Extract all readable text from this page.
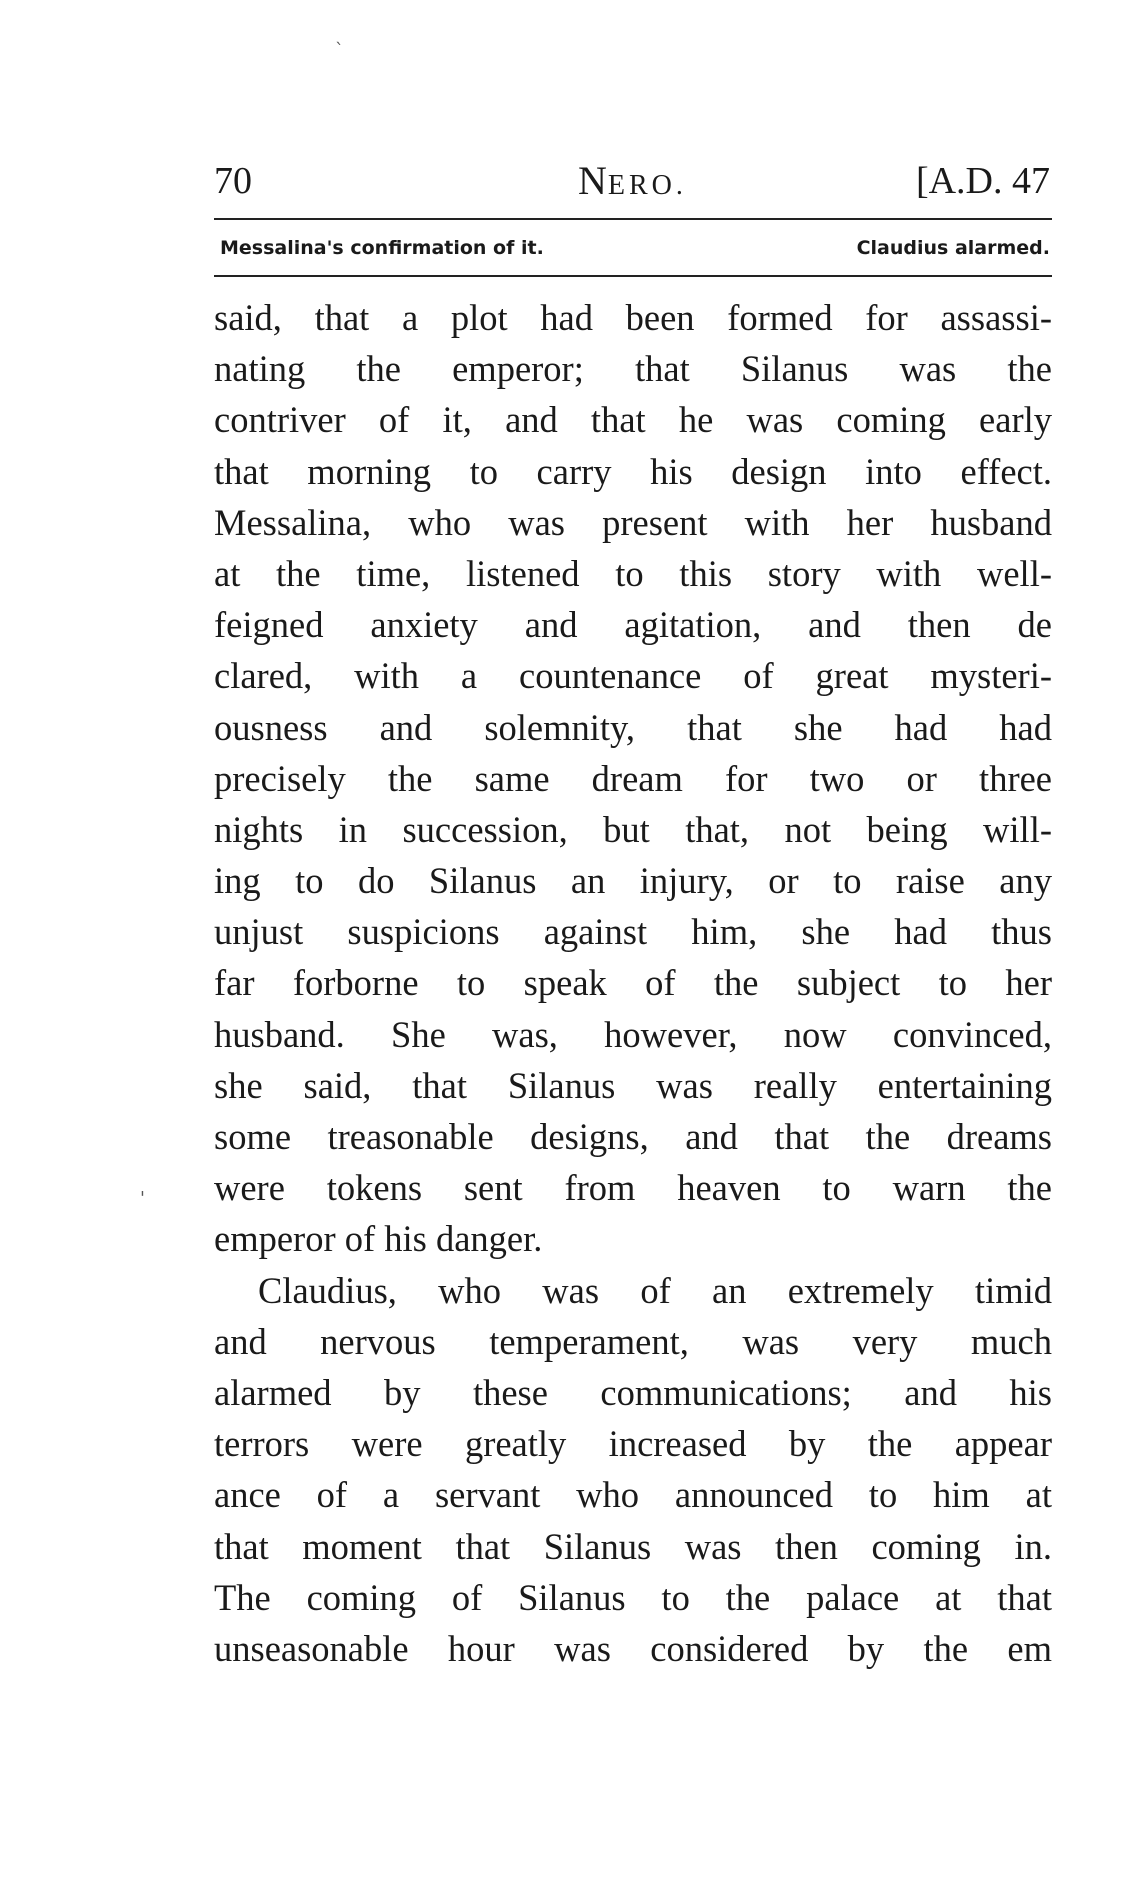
`
'
70	NERO.	[A.D. 47
Messalina's confirmation of it.	Claudius alarmed.
said, that a plot had been formed for assassi-
nating the emperor; that Silanus was the
contriver of it, and that he was coming early
that morning to carry his design into effect.
Messalina, who was present with her husband
at the time, listened to this story with well-
feigned anxiety and agitation, and then de
clared, with a countenance of great mysteri-
ousness and solemnity, that she had had
precisely the same dream for two or three
nights in succession, but that, not being will-
ing to do Silanus an injury, or to raise any
unjust suspicions against him, she had thus
far forborne to speak of the subject to her
husband. She was, however, now convinced,
she said, that Silanus was really entertaining
some treasonable designs, and that the dreams
were tokens sent from heaven to warn the
emperor of his danger.
Claudius, who was of an extremely timid
and nervous temperament, was very much
alarmed by these communications; and his
terrors were greatly increased by the appear
ance of a servant who announced to him at
that moment that Silanus was then coming in.
The coming of Silanus to the palace at that
unseasonable hour was considered by the em
